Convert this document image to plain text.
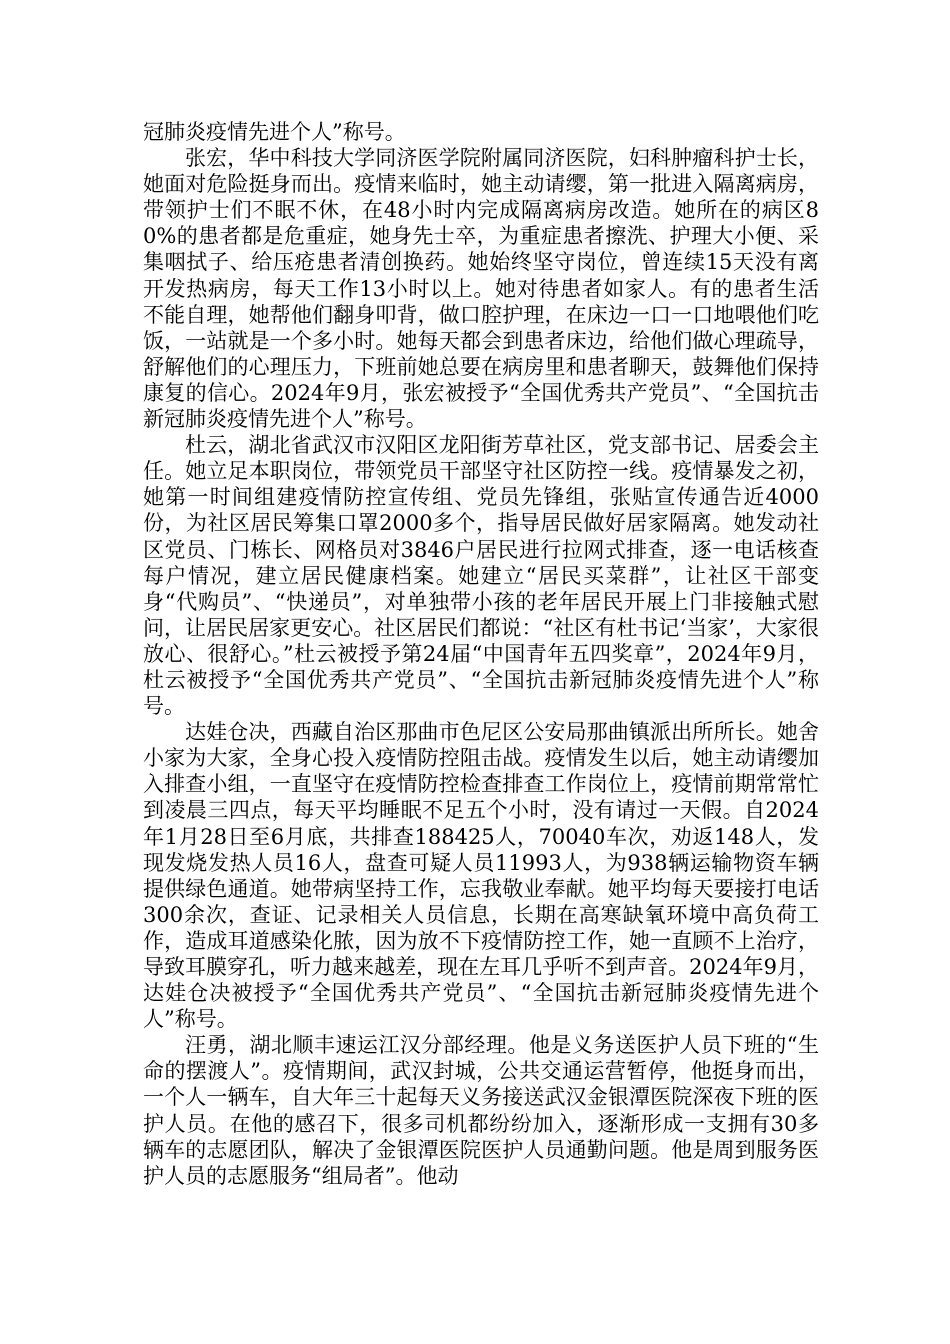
冠肺炎疫情先进个人”称号。

张宏，华中科技大学同济医学院附属同济医院，妇科肿瘤科护士长，她面对危险挺身而出。疫情来临时，她主动请缨，第一批进入隔离病房，带领护士们不眠不休，在48小时内完成隔离病房改造。她所在的病区80%的患者都是危重症，她身先士卒，为重症患者擦洗、护理大小便、采集咽拭子、给压疮患者清创换药。她始终坚守岗位，曾连续15天没有离开发热病房，每天工作13小时以上。她对待患者如家人。有的患者生活不能自理，她帮他们翻身叩背，做口腔护理，在床边一口一口地喂他们吃饭，一站就是一个多小时。她每天都会到患者床边，给他们做心理疏导，舒解他们的心理压力，下班前她总要在病房里和患者聊天，鼓舞他们保持康复的信心。2024年9月，张宏被授予“全国优秀共产党员”、“全国抗击新冠肺炎疫情先进个人”称号。

杜云，湖北省武汉市汉阳区龙阳街芳草社区，党支部书记、居委会主任。她立足本职岗位，带领党员干部坚守社区防控一线。疫情暴发之初，她第一时间组建疫情防控宣传组、党员先锋组，张贴宣传通告近4000份，为社区居民筹集口罩2000多个，指导居民做好居家隔离。她发动社区党员、门栋长、网格员对3846户居民进行拉网式排查，逐一电话核查每户情况，建立居民健康档案。她建立“居民买菜群”，让社区干部变身“代购员”、“快递员”，对单独带小孩的老年居民开展上门非接触式慰问，让居民居家更安心。社区居民们都说：“社区有杜书记‘当家’，大家很放心、很舒心。”杜云被授予第24届“中国青年五四奖章”，2024年9月，杜云被授予“全国优秀共产党员”、“全国抗击新冠肺炎疫情先进个人”称号。

达娃仓决，西藏自治区那曲市色尼区公安局那曲镇派出所所长。她舍小家为大家，全身心投入疫情防控阻击战。疫情发生以后，她主动请缨加入排查小组，一直坚守在疫情防控检查排查工作岗位上，疫情前期常常忙到凌晨三四点，每天平均睡眠不足五个小时，没有请过一天假。自2024年1月28日至6月底，共排查188425人，70040车次，劝返148人，发现发烧发热人员16人，盘查可疑人员11993人，为938辆运输物资车辆提供绿色通道。她带病坚持工作，忘我敬业奉献。她平均每天要接打电话300余次，查证、记录相关人员信息，长期在高寒缺氧环境中高负荷工作，造成耳道感染化脓，因为放不下疫情防控工作，她一直顾不上治疗，导致耳膜穿孔，听力越来越差，现在左耳几乎听不到声音。2024年9月，达娃仓决被授予“全国优秀共产党员”、“全国抗击新冠肺炎疫情先进个人”称号。

汪勇，湖北顺丰速运江汉分部经理。他是义务送医护人员下班的“生命的摆渡人”。疫情期间，武汉封城，公共交通运营暂停，他挺身而出，一个人一辆车，自大年三十起每天义务接送武汉金银潭医院深夜下班的医护人员。在他的感召下，很多司机都纷纷加入，逐渐形成一支拥有30多辆车的志愿团队，解决了金银潭医院医护人员通勤问题。他是周到服务医护人员的志愿服务“组局者”。他动
